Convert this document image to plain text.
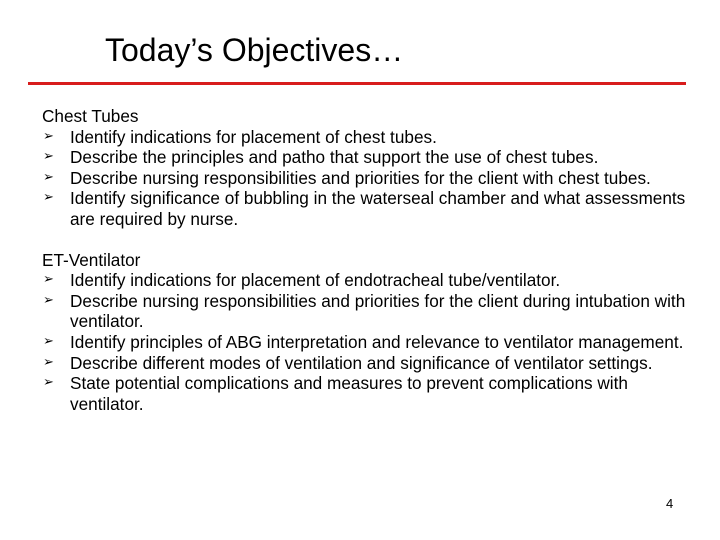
Today’s Objectives…
Chest Tubes
➢ Identify indications for placement of chest tubes.
➢ Describe the principles and patho that support the use of chest tubes.
➢ Describe nursing responsibilities and priorities for the client with chest tubes.
➢ Identify significance of bubbling in the waterseal chamber and what assessments are required by nurse.
ET-Ventilator
➢ Identify indications for placement of endotracheal tube/ventilator.
➢ Describe nursing responsibilities and priorities for the client during intubation with ventilator.
➢ Identify principles of ABG interpretation and relevance to ventilator management.
➢ Describe different modes of ventilation and significance of ventilator settings.
➢ State potential complications and measures to prevent complications with ventilator.
4
